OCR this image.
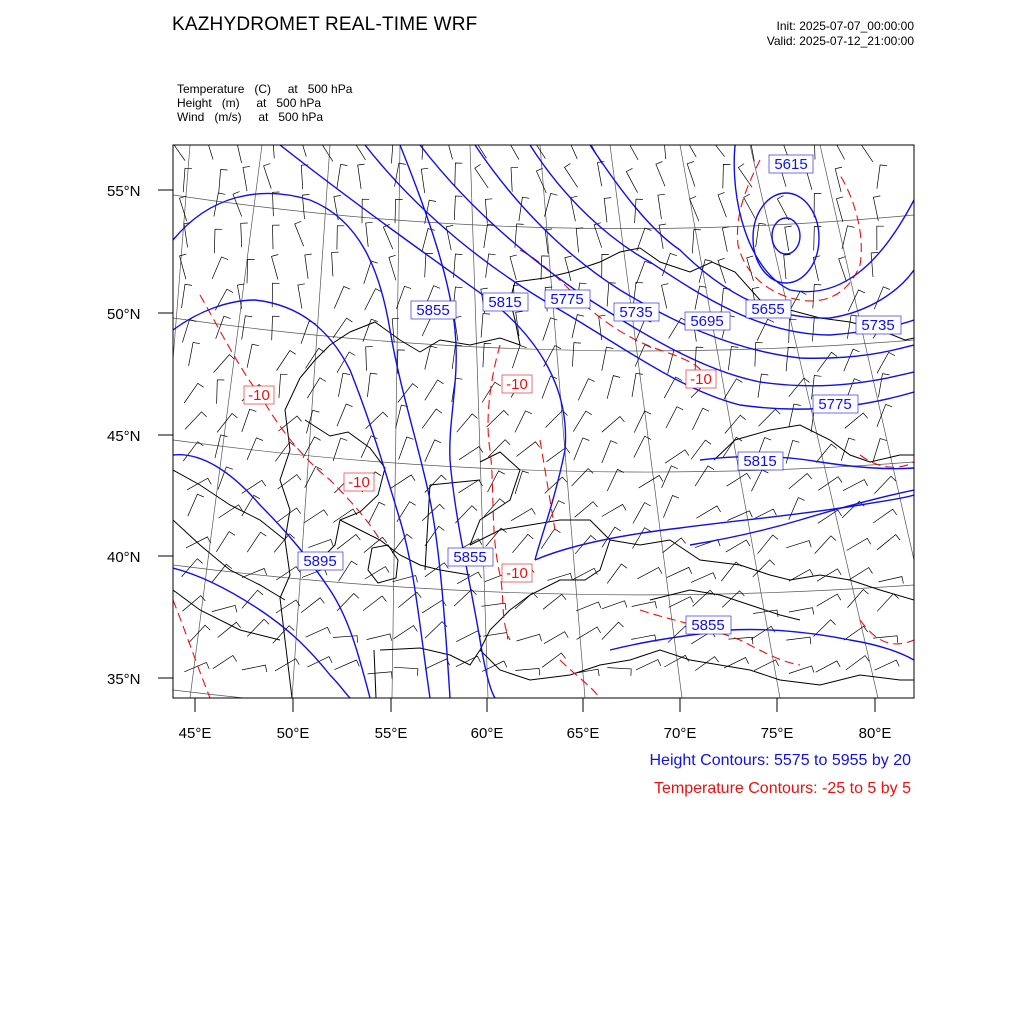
KAZHYDROMET REAL-TIME WRF	Init: 2025-07-07_00:00:00
Valid: 2025-07-12_21:00:00
Temperature   (C)     at   500 hPa
Height   (m)     at   500 hPa
Wind   (m/s)     at   500 hPa
55°N
50°N
45°N
40°N
35°N
45°E	50°E	55°E	60°E	65°E	70°E	75°E	80°E
5615
5855	5815 5775
5735
5695
5655
5735
5775
5815
5895	5855
5855
-10
-10	-10
-10
-10
Height Contours: 5575 to 5955 by 20
Temperature Contours: -25 to 5 by 5
